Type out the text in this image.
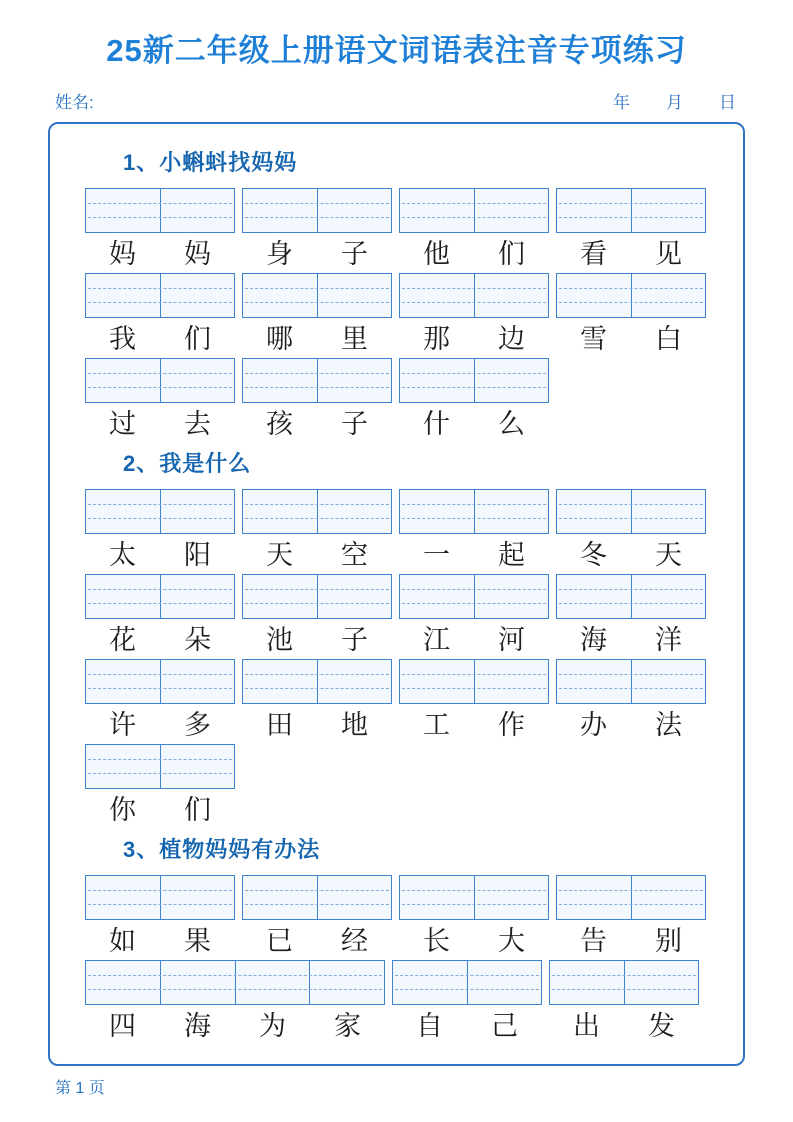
25新二年级上册语文词语表注音专项练习
姓名:	年 月 日
1、小蝌蚪找妈妈
妈	妈	身	子	他	们	看	见
我	们	哪	里	那	边	雪	白
过	去	孩	子	什	么
2、我是什么
太	阳	天	空	一	起	冬	天
花	朵	池	子	江	河	海	洋
许	多	田	地	工	作	办	法
你	们
3、植物妈妈有办法
如	果	已	经	长	大	告	别
四	海	为	家	自	己	出	发
第 1 页
